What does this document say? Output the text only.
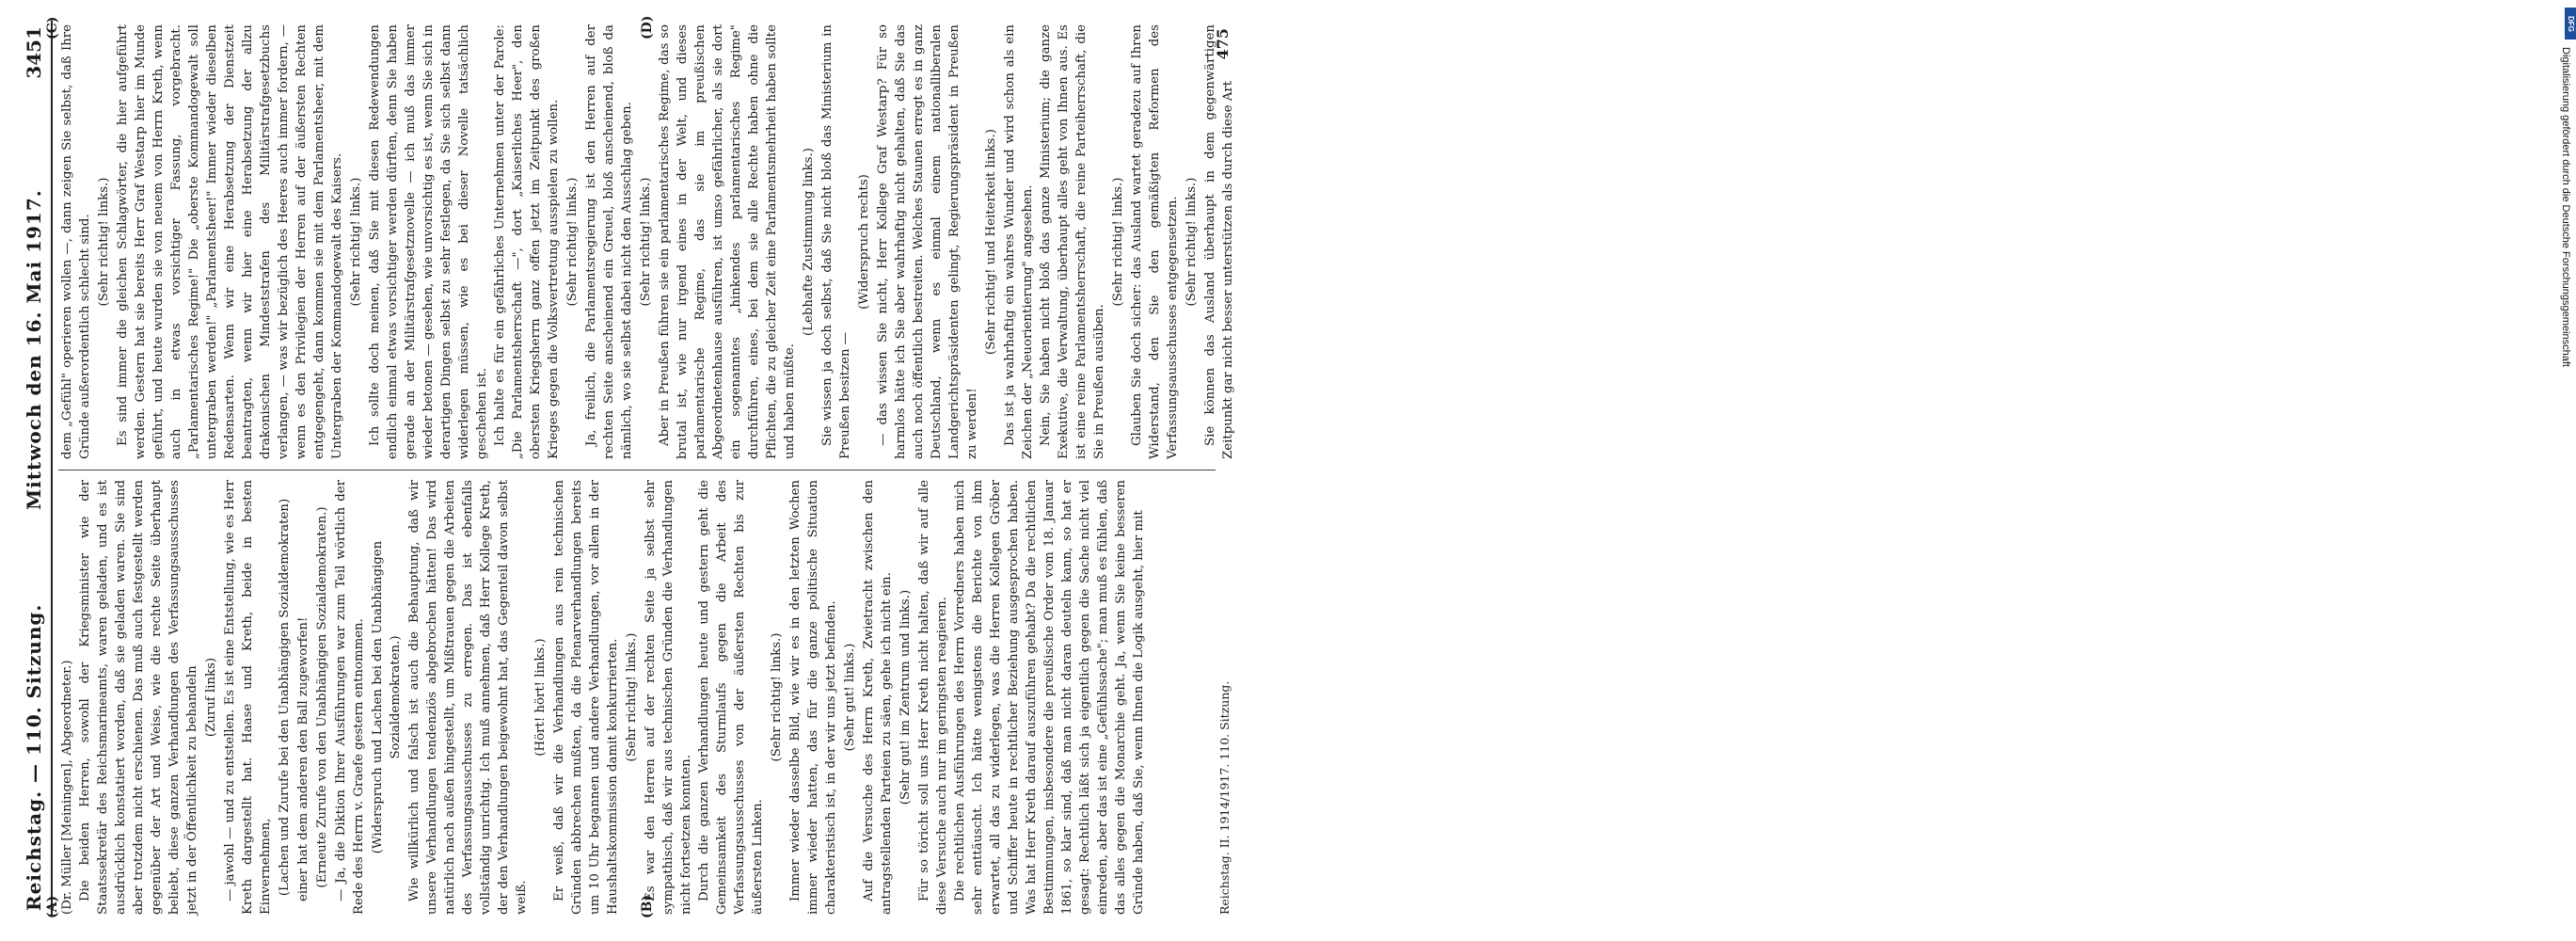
Reichstag. — 110. Sitzung.
Mittwoch den 16. Mai 1917.
3451

(Dr. Müller [Meiningen], Abgeordneter.) Die beiden Herren, sowohl der Kriegsminister wie der Staatssekretär des Reichsmarineamts, waren geladen, und es ist ausdrücklich konstatiert worden, daß sie geladen waren. Sie sind aber trotzdem nicht erschienen. Das muß auch festgestellt werden gegenüber der Art und Weise, wie die rechte Seite überhaupt beliebt, diese ganzen Verhandlungen des Verfassungsausschusses jetzt in der Öffentlichkeit zu behandeln (Zuruf links) — jawohl — und zu entstellen. Es ist eine Entstellung, wie es Herr Kreth dargestellt hat. Haase und Kreth, beide in besten Einvernehmen, (Lachen und Zurufe bei den Unabhängigen Sozialdemokraten) einer hat dem anderen den Ball zugeworfen! (Erneute Zurufe von den Unabhängigen Sozialdemokraten.) — Ja, die Diktion Ihrer Ausführungen war zum Teil wörtlich der Rede des Herrn v. Graefe gestern entnommen. (Widerspruch und Lachen bei den Unabhängigen Sozialdemokraten.) Wie willkürlich und falsch ist auch die Behauptung, daß wir unsere Verhandlungen tendenziös abgebrochen hätten! Das wird natürlich nach außen hingestellt, um Mißtrauen gegen die Arbeiten des Verfassungsausschusses zu erregen. Das ist ebenfalls vollständig unrichtig. Ich muß annehmen, daß Herr Kollege Kreth, der den Verhandlungen beigewohnt hat, das Gegenteil davon selbst weiß.

(Hört! hört! links.) Er weiß, daß wir die Verhandlungen aus rein technischen Gründen abbrechen mußten, da die Plenarverhandlungen bereits um 10 Uhr begannen und andere Verhandlungen, vor allem in der Haushaltskommission damit konkurrierten. (Sehr richtig! links.) Es war den Herren auf der rechten Seite ja selbst sehr sympathisch, daß wir aus technischen Gründen die Verhandlungen nicht fortsetzen konnten. Durch die ganzen Verhandlungen heute und gestern geht die Gemeinsamkeit des Sturmlaufs gegen die Arbeit des Verfassungsausschusses von der äußersten Rechten bis zur äußersten Linken.

(Sehr richtig! links.) Immer wieder dasselbe Bild, wie wir es in den letzten Wochen immer wieder hatten, das für die ganze politische Situation charakteristisch ist, in der wir uns jetzt befinden. (Sehr gut! links.) Auf die Versuche des Herrn Kreth, Zwietracht zwischen den antragstellenden Parteien zu säen, gehe ich nicht ein. (Sehr gut! im Zentrum und links.) Für so töricht soll uns Herr Kreth nicht halten, daß wir auf alle diese Versuche auch nur im geringsten reagieren. Die rechtlichen Ausführungen des Herrn Vorredners haben mich sehr enttäuscht. Ich hätte wenigstens die Berichte von ihm erwartet, all das zu widerlegen, was die Herren Kollegen Gröber und Schiffer heute in rechtlicher Beziehung ausgesprochen haben. Was hat Herr Kreth darauf auszuführen gehabt? Da die rechtlichen Bestimmungen, insbesondere die preußische Order vom 18. Januar 1861, so klar sind, daß man nicht daran deuteln kann, so hat er gesagt: Rechtlich läßt sich ja eigentlich gegen die Sache nicht viel einreden, aber das ist eine „Gefühlssache"; man muß es fühlen, daß das alles gegen die Monarchie geht. Ja, wenn Sie keine besseren Gründe haben, daß Sie, wenn Ihnen die Logik ausgeht, hier mit

dem „Gefühl" operieren wollen —, dann zeigen Sie selbst, daß Ihre Gründe außerordentlich schlecht sind. (Sehr richtig! links.) Es sind immer die gleichen Schlagwörter, die hier aufgeführt werden. Gestern hat sie bereits Herr Graf Westarp hier im Munde geführt, und heute wurden sie von neuem von Herrn Kreth, wenn auch in etwas vorsichtiger Fassung, vorgebracht. „Parlamentarisches Regime!" Die „oberste Kommandogewalt soll untergraben werden!" „Parlamentsheer!" Immer wieder dieselben Redensarten. Wenn wir eine Herabsetzung der Dienstzeit beantragten, wenn wir hier eine Herabsetzung der allzu drakonischen Mindeststrafen des Militärstrafgesetzbuchs verlangen, — was wir bezüglich des Heeres auch immer fordern, — wenn es den Privilegien der Herren auf der äußersten Rechten entgegengeht, dann kommen sie mit dem Parlamentsheer, mit dem Untergraben der Kommandogewalt des Kaisers. (Sehr richtig! links.) Ich sollte doch meinen, daß Sie mit diesen Redewendungen endlich einmal etwas vorsichtiger werden dürften, denn Sie haben gerade an der Militärstrafgesetznovelle — ich muß das immer wieder betonen — gesehen, wie unvorsichtig es ist, wenn Sie sich in derartigen Dingen selbst zu sehr festlegen, da Sie sich selbst dann widerlegen müssen, wie es bei dieser Novelle tatsächlich geschehen ist. Ich halte es für ein gefährliches Unternehmen unter der Parole: „Die Parlamentsherrschaft —", dort „Kaiserliches Heer", den obersten Kriegsherrn ganz offen jetzt im Zeitpunkt des großen Krieges gegen die Volksvertretung ausspielen zu wollen. (Sehr richtig! links.) Ja, freilich, die Parlamentsregierung ist den Herren auf der rechten Seite anscheinend ein Greuel, bloß anscheinend, bloß da nämlich, wo sie selbst dabei nicht den Ausschlag geben. (Sehr richtig! links.) Aber in Preußen führen sie ein parlamentarisches Regime, das so brutal ist, wie nur irgend eines in der Welt, und dieses parlamentarische Regime, das sie im preußischen Abgeordnetenhause ausführen, ist umso gefährlicher, als sie dort ein sogenanntes „hinkendes parlamentarisches Regime" durchführen, eines, bei dem sie alle Rechte haben ohne die Pflichten, die zu gleicher Zeit eine Parlamentsmehrheit haben sollte und haben müßte.

(Lebhafte Zustimmung links.) Sie wissen ja doch selbst, daß Sie nicht bloß das Ministerium in Preußen besitzen —

(Widerspruch rechts) — das wissen Sie nicht, Herr Kollege Graf Westarp? Für so harmlos hätte ich Sie aber wahrhaftig nicht gehalten, daß Sie das auch noch öffentlich bestreiten. Welches Staunen erregt es in ganz Deutschland, wenn es einmal einem nationalliberalen Landgerichtspräsidenten gelingt, Regierungspräsident in Preußen zu werden!

(Sehr richtig! und Heiterkeit links.) Das ist ja wahrhaftig ein wahres Wunder und wird schon als ein Zeichen der „Neuorientierung" angesehen. Nein, Sie haben nicht bloß das ganze Ministerium; die ganze Exekutive, die Verwaltung, überhaupt alles geht von Ihnen aus. Es ist eine reine Parlamentsherrschaft, die reine Parteiherrschaft, die Sie in Preußen ausüben.

(Sehr richtig! links.) Glauben Sie doch sicher: das Ausland wartet geradezu auf Ihren Widerstand, den Sie den gemäßigten Reformen des Verfassungsausschusses entgegensetzen. (Sehr richtig! links.) Sie können das Ausland überhaupt in dem gegenwärtigen Zeitpunkt gar nicht besser unterstützen als durch diese Art

(A)	(B)
(C)	(D)
Reichstag. II. 1914/1917. 110. Sitzung.
475
DFG
Digitalisierung gefördert durch die Deutsche Forschungsgemeinschaft
